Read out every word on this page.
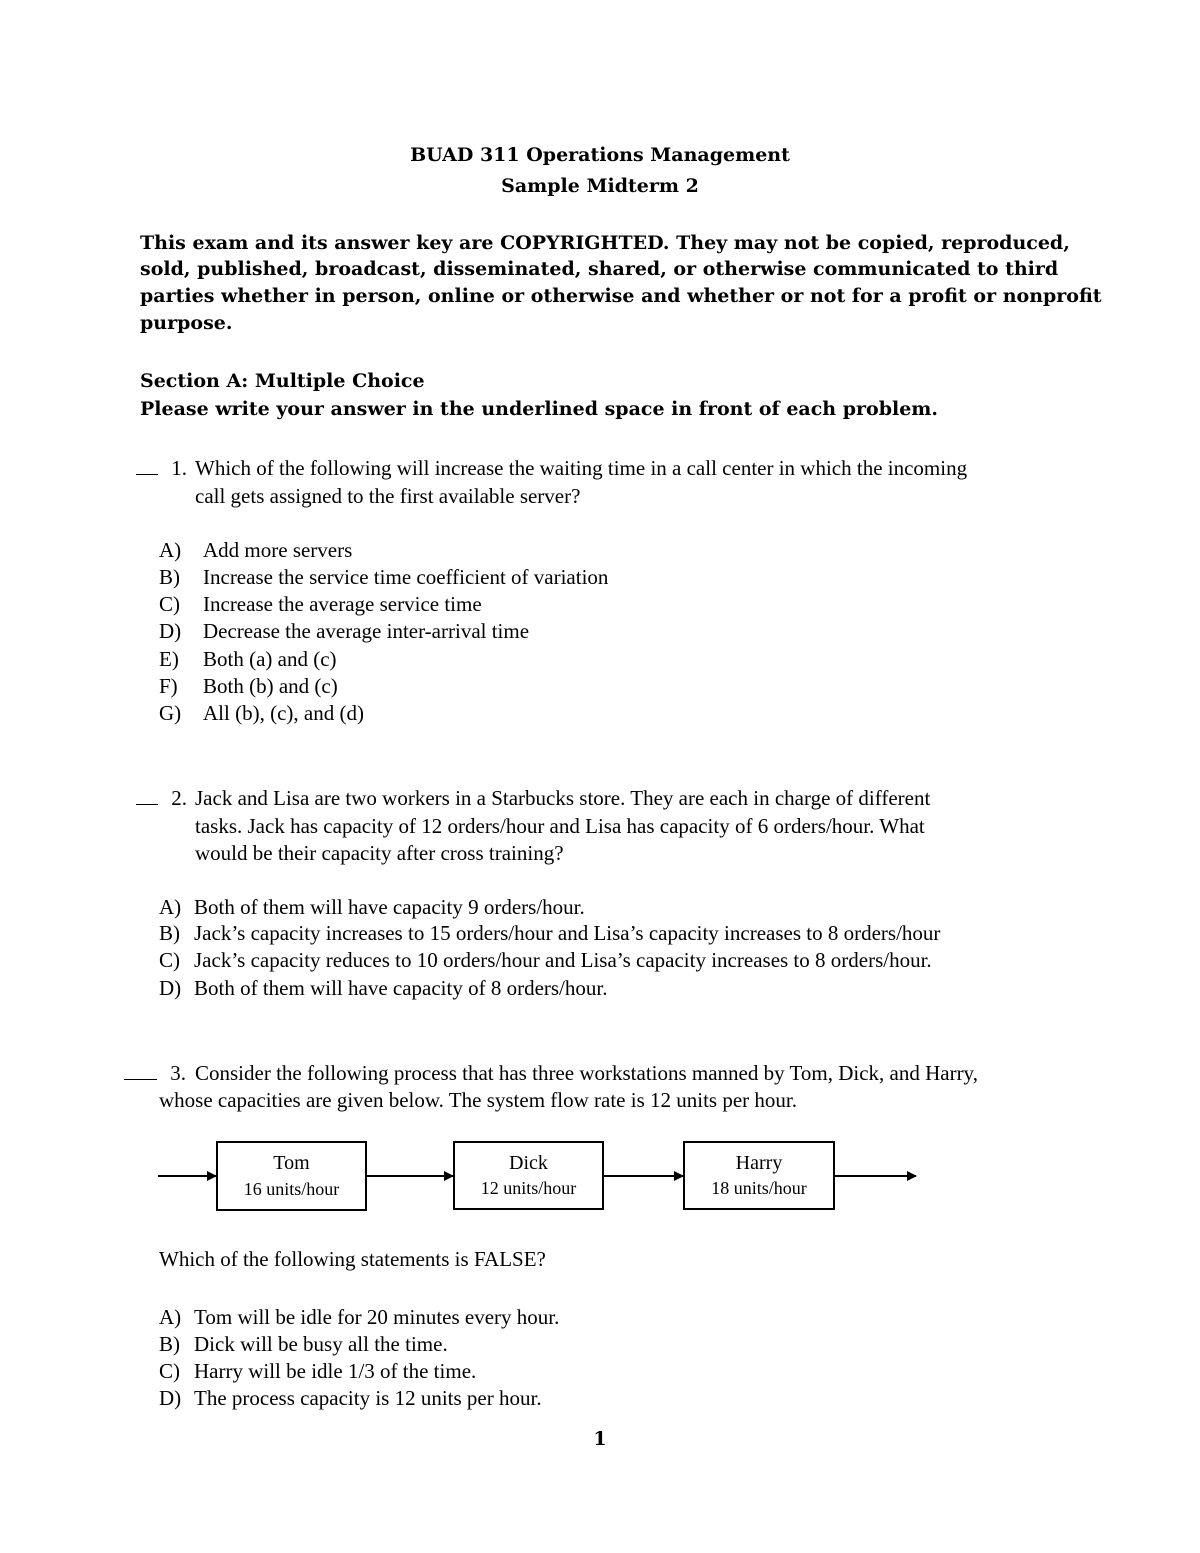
BUAD 311 Operations Management
Sample Midterm 2
This exam and its answer key are COPYRIGHTED. They may not be copied, reproduced,
sold, published, broadcast, disseminated, shared, or otherwise communicated to third
parties whether in person, online or otherwise and whether or not for a profit or nonprofit
purpose.
Section A: Multiple Choice
Please write your answer in the underlined space in front of each problem.
1. Which of the following will increase the waiting time in a call center in which the incoming
call gets assigned to the first available server?
A) Add more servers
B) Increase the service time coefficient of variation
C) Increase the average service time
D) Decrease the average inter-arrival time
E) Both (a) and (c)
F) Both (b) and (c)
G) All (b), (c), and (d)
2. Jack and Lisa are two workers in a Starbucks store. They are each in charge of different
tasks. Jack has capacity of 12 orders/hour and Lisa has capacity of 6 orders/hour. What
would be their capacity after cross training?
A) Both of them will have capacity 9 orders/hour.
B) Jack’s capacity increases to 15 orders/hour and Lisa’s capacity increases to 8 orders/hour
C) Jack’s capacity reduces to 10 orders/hour and Lisa’s capacity increases to 8 orders/hour.
D) Both of them will have capacity of 8 orders/hour.
3. Consider the following process that has three workstations manned by Tom, Dick, and Harry,
whose capacities are given below. The system flow rate is 12 units per hour.
Tom
16 units/hour
Dick
12 units/hour
Harry
18 units/hour
Which of the following statements is FALSE?
A) Tom will be idle for 20 minutes every hour.
B) Dick will be busy all the time.
C) Harry will be idle 1/3 of the time.
D) The process capacity is 12 units per hour.
1
